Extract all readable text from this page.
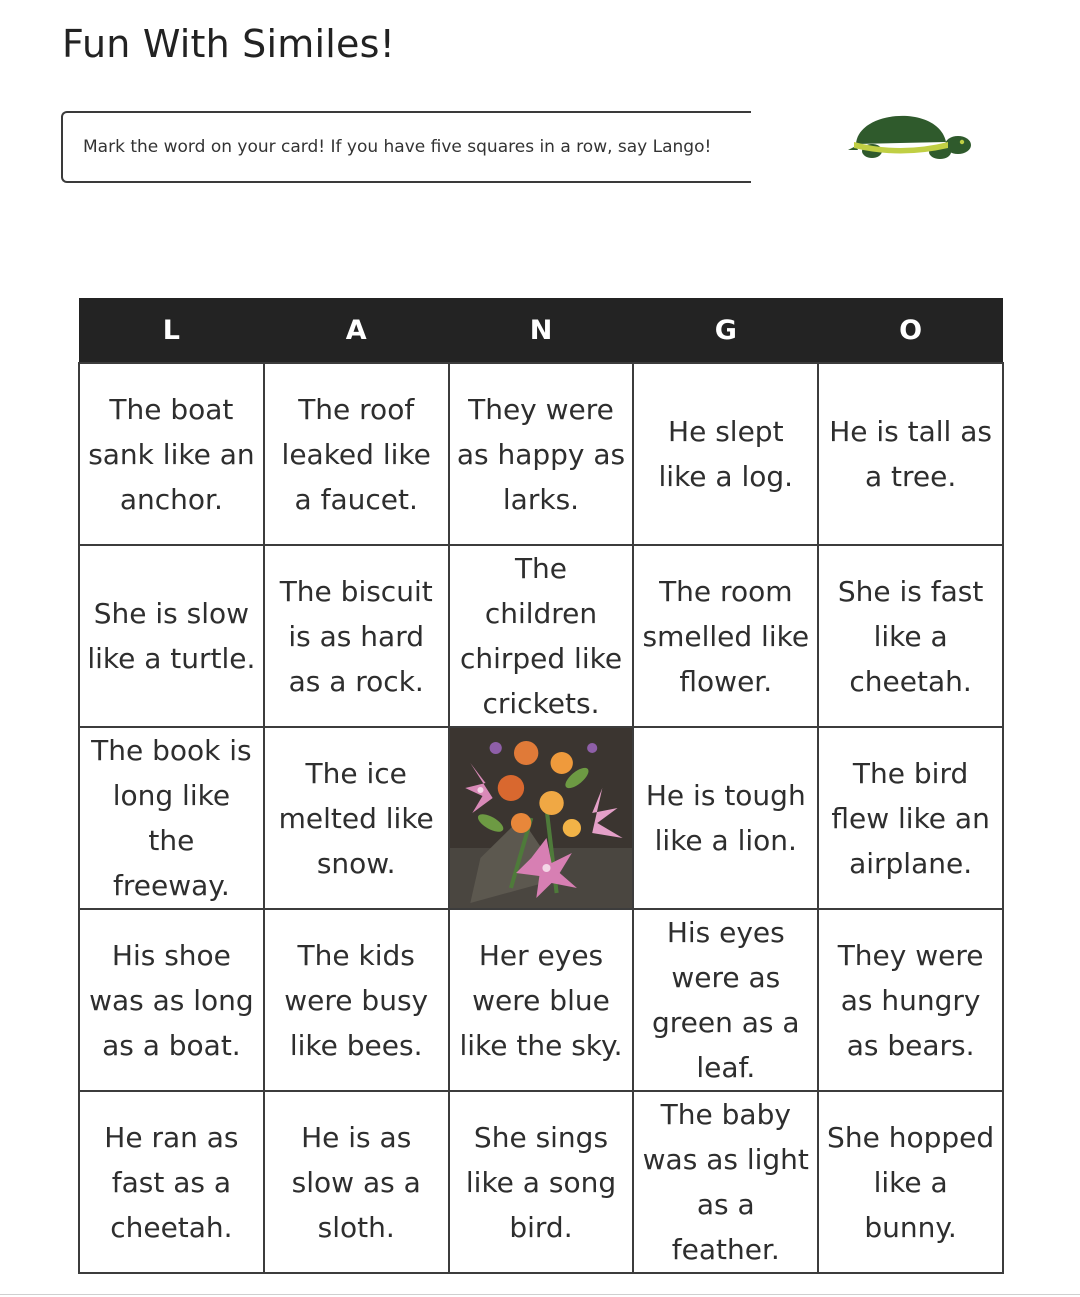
Fun With Similes!
Mark the word on your card! If you have five squares in a row, say Lango!
L	A	N	G	O
The boat sank like an anchor.	The roof leaked like a faucet.	They were as happy as larks.	He slept like a log.	He is tall as a tree.
She is slow like a turtle.	The biscuit is as hard as a rock.	The children chirped like crickets.	The room smelled like flower.	She is fast like a cheetah.
The book is long like the freeway.	The ice melted like snow.		He is tough like a lion.	The bird flew like an airplane.
His shoe was as long as a boat.	The kids were busy like bees.	Her eyes were blue like the sky.	His eyes were as green as a leaf.	They were as hungry as bears.
He ran as fast as a cheetah.	He is as slow as a sloth.	She sings like a song bird.	The baby was as light as a feather.	She hopped like a bunny.
